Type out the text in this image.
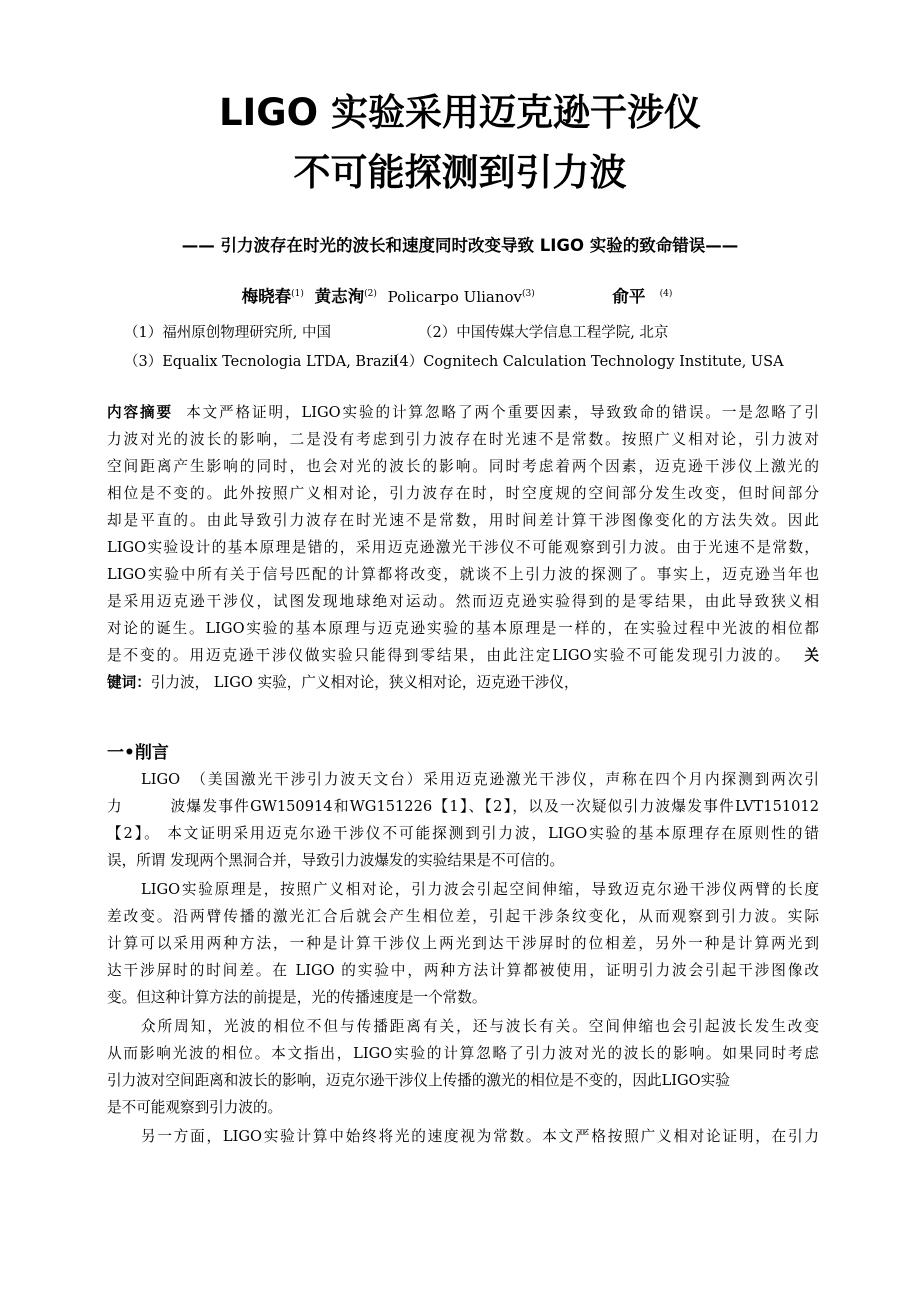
LIGO 实验采用迈克逊干涉仪
不可能探测到引力波
—— 引力波存在时光的波长和速度同时改变导致 LIGO 实验的致命错误——
梅晓春$^{(1)}$ 黄志洵$^{(2)}$ Policarpo Ulianov$^{(3)}$	俞平 $^{(4)}$
（1）福州原创物理研究所, 中国	（2）中国传媒大学信息工程学院, 北京
（3）Equalix Tecnologia LTDA, Brazil
（4）Cognitech Calculation Technology Institute, USA
内容摘要 本文严格证明，LIGO实验的计算忽略了两个重要因素，导致致命的错误。一是忽略了引
力波对光的波长的影响，二是没有考虑到引力波存在时光速不是常数。按照广义相对论，引力波对
空间距离产生影响的同时，也会对光的波长的影响。同时考虑着两个因素，迈克逊干涉仪上激光的
相位是不变的。此外按照广义相对论，引力波存在时，时空度规的空间部分发生改变，但时间部分
却是平直的。由此导致引力波存在时光速不是常数，用时间差计算干涉图像变化的方法失效。因此
LIGO实验设计的基本原理是错的，采用迈克逊激光干涉仪不可能观察到引力波。由于光速不是常数，
LIGO实验中所有关于信号匹配的计算都将改变，就谈不上引力波的探测了。事实上，迈克逊当年也
是采用迈克逊干涉仪，试图发现地球绝对运动。然而迈克逊实验得到的是零结果，由此导致狭义相
对论的诞生。LIGO实验的基本原理与迈克逊实验的基本原理是一样的，在实验过程中光波的相位都
是不变的。用迈克逊干涉仪做实验只能得到零结果，由此注定LIGO实验不可能发现引力波的。 关
键词：引力波， LIGO 实验，广义相对论，狭义相对论，迈克逊干涉仪，
一•削言
LIGO　（美国激光干涉引力波天文台）采用迈克逊激光干涉仪，声称在四个月内探测到两次引
力　　　波爆发事件GW150914和WG151226【1】、【2】，以及一次疑似引力波爆发事件LVT151012
【2】。 本文证明采用迈克尔逊干涉仪不可能探测到引力波，LIGO实验的基本原理存在原则性的错
误，所谓 发现两个黑洞合并，导致引力波爆发的实验结果是不可信的。
LIGO实验原理是，按照广义相对论，引力波会引起空间伸缩，导致迈克尔逊干涉仪两臂的长度
差改变。沿两臂传播的激光汇合后就会产生相位差，引起干涉条纹变化，从而观察到引力波。实际
计算可以采用两种方法，一种是计算干涉仪上两光到达干涉屏时的位相差，另外一种是计算两光到
达干涉屏时的时间差。在 LIGO 的实验中，两种方法计算都被使用，证明引力波会引起干涉图像改
变。但这种计算方法的前提是，光的传播速度是一个常数。
众所周知，光波的相位不但与传播距离有关，还与波长有关。空间伸缩也会引起波长发生改变
从而影响光波的相位。本文指出，LIGO实验的计算忽略了引力波对光的波长的影响。如果同时考虑
引力波对空间距离和波长的影响，迈克尔逊干涉仪上传播的激光的相位是不变的，因此LIGO实验
是不可能观察到引力波的。
另一方面，LIGO实验计算中始终将光的速度视为常数。本文严格按照广义相对论证明，在引力
